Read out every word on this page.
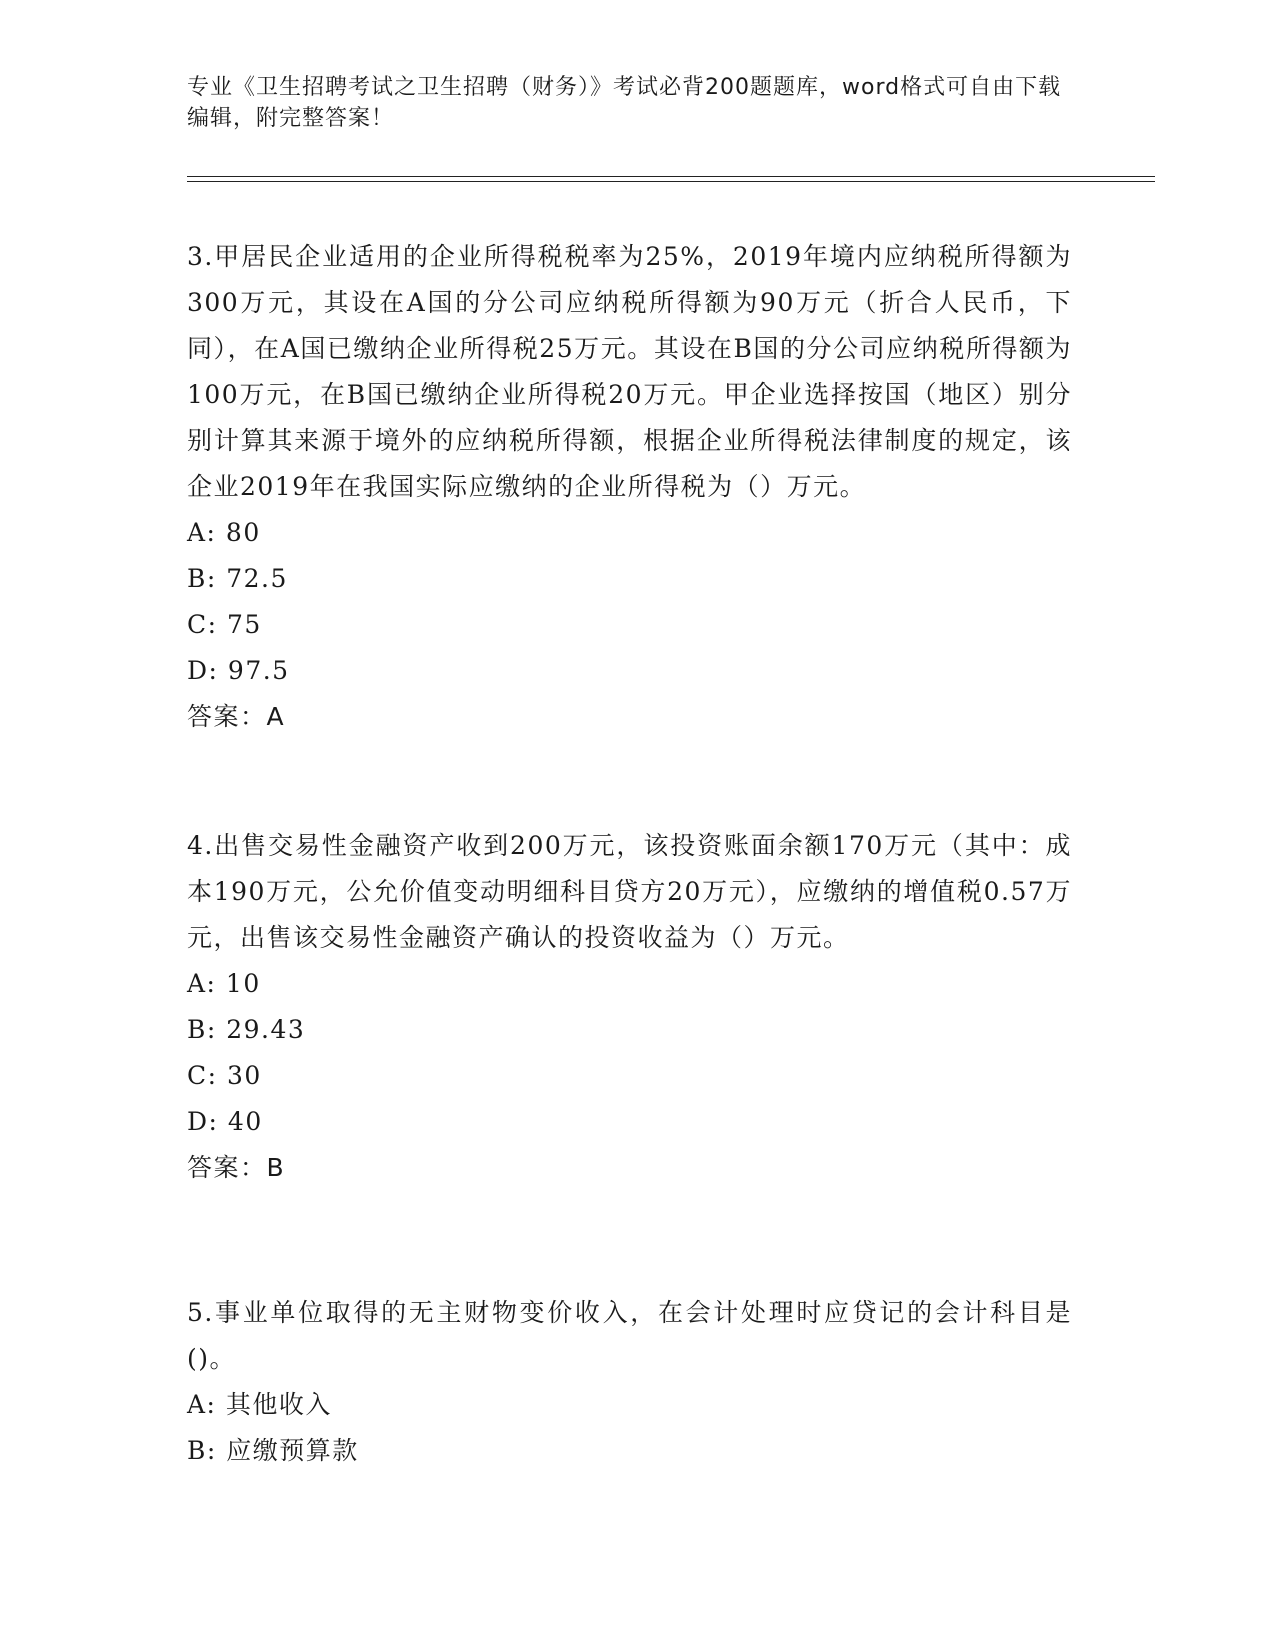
专业《卫生招聘考试之卫生招聘（财务）》考试必背200题题库，word格式可自由下载编辑，附完整答案！

3.甲居民企业适用的企业所得税税率为25%，2019年境内应纳税所得额为300万元，其设在A国的分公司应纳税所得额为90万元（折合人民币，下同），在A国已缴纳企业所得税25万元。其设在B国的分公司应纳税所得额为100万元，在B国已缴纳企业所得税20万元。甲企业选择按国（地区）别分别计算其来源于境外的应纳税所得额，根据企业所得税法律制度的规定，该企业2019年在我国实际应缴纳的企业所得税为（）万元。

A: 80
B: 72.5
C: 75
D: 97.5
答案：A

4.出售交易性金融资产收到200万元，该投资账面余额170万元（其中：成本190万元，公允价值变动明细科目贷方20万元），应缴纳的增值税0.57万元，出售该交易性金融资产确认的投资收益为（）万元。

A: 10
B: 29.43
C: 30
D: 40
答案：B

5.事业单位取得的无主财物变价收入，在会计处理时应贷记的会计科目是()。

A: 其他收入
B: 应缴预算款
